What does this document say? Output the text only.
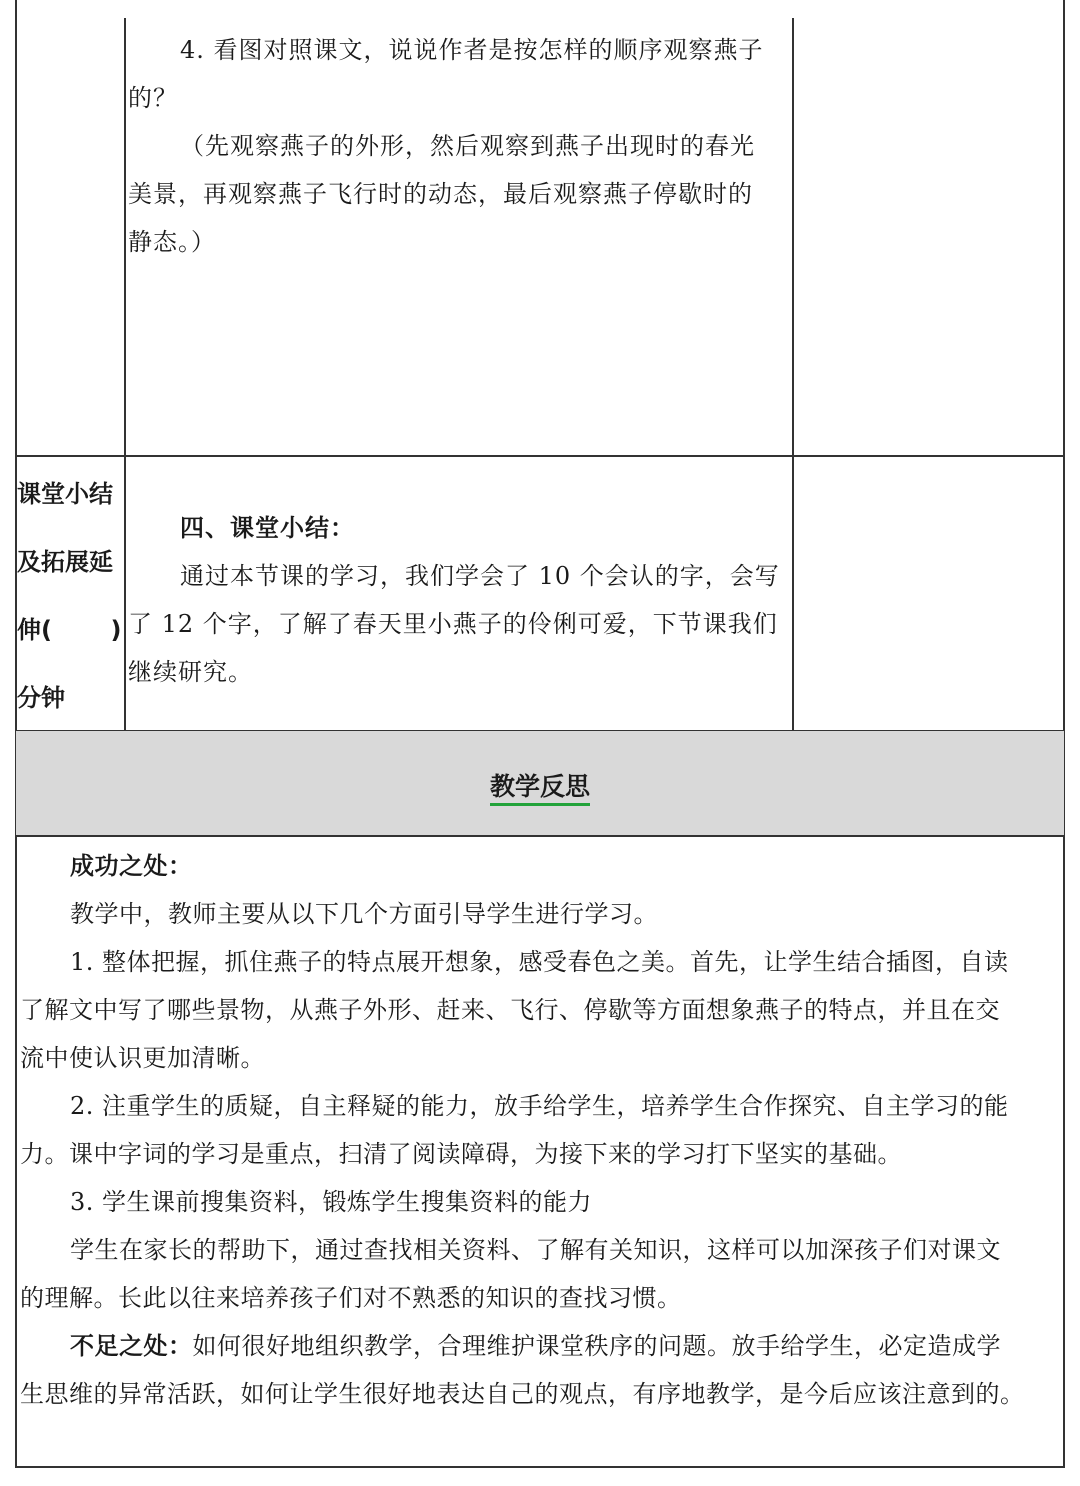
4. 看图对照课文，说说作者是按怎样的顺序观察燕子
的？
（先观察燕子的外形，然后观察到燕子出现时的春光
美景，再观察燕子飞行时的动态，最后观察燕子停歇时的
静态。）
课堂小结
及拓展延
伸(       )
分钟
四、课堂小结：
通过本节课的学习，我们学会了 10 个会认的字，会写
了 12 个字，了解了春天里小燕子的伶俐可爱，下节课我们
继续研究。
教学反思
成功之处：
教学中，教师主要从以下几个方面引导学生进行学习。
1. 整体把握，抓住燕子的特点展开想象，感受春色之美。首先，让学生结合插图，自读
了解文中写了哪些景物，从燕子外形、赶来、飞行、停歇等方面想象燕子的特点，并且在交
流中使认识更加清晰。
2. 注重学生的质疑，自主释疑的能力，放手给学生，培养学生合作探究、自主学习的能
力。课中字词的学习是重点，扫清了阅读障碍，为接下来的学习打下坚实的基础。
3. 学生课前搜集资料，锻炼学生搜集资料的能力
学生在家长的帮助下，通过查找相关资料、了解有关知识，这样可以加深孩子们对课文
的理解。长此以往来培养孩子们对不熟悉的知识的查找习惯。
不足之处：如何很好地组织教学，合理维护课堂秩序的问题。放手给学生，必定造成学
生思维的异常活跃，如何让学生很好地表达自己的观点，有序地教学，是今后应该注意到的。
